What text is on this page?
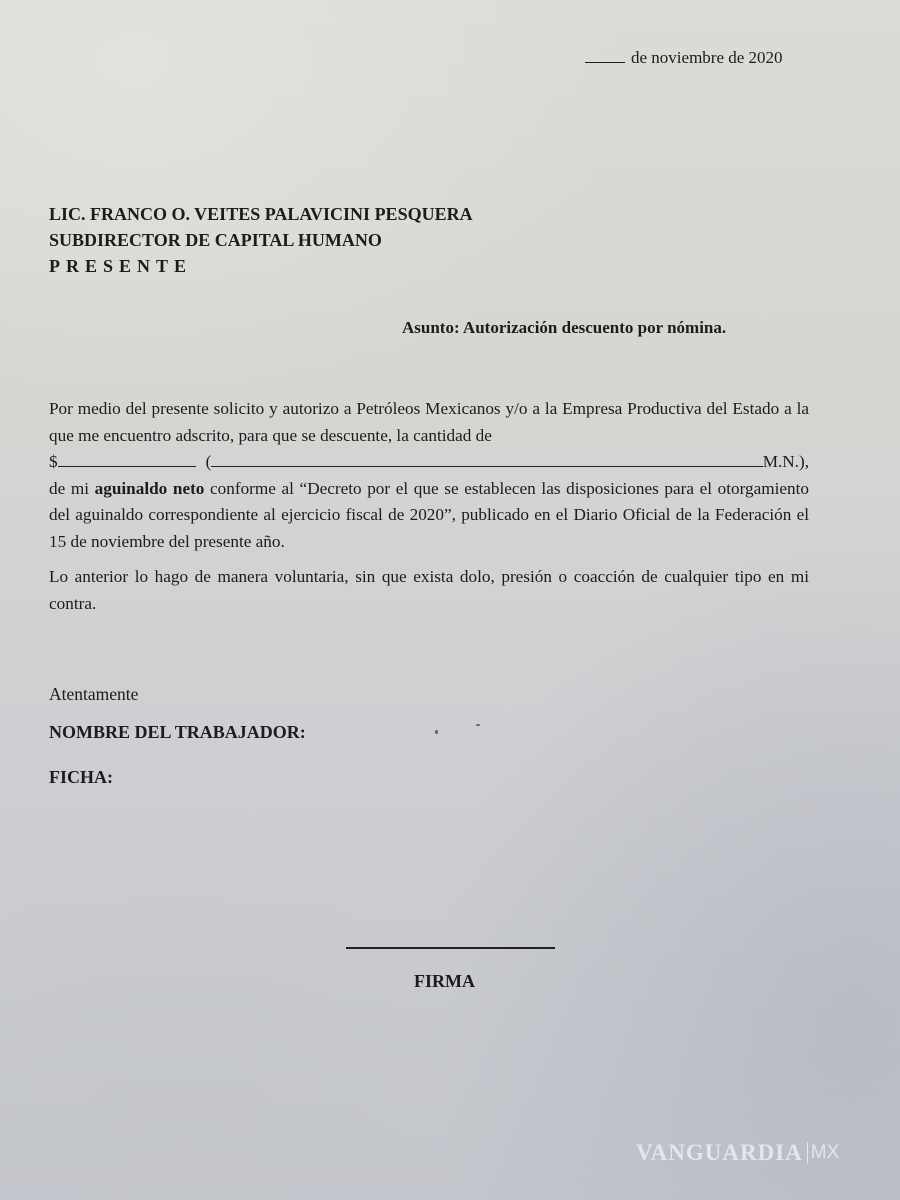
de noviembre de 2020
LIC. FRANCO O. VEITES PALAVICINI PESQUERA
SUBDIRECTOR DE CAPITAL HUMANO
PRESENTE
Asunto: Autorización descuento por nómina.
Por medio del presente solicito y autorizo a Petróleos Mexicanos y/o a la Empresa Productiva del Estado a la que me encuentro adscrito, para que se descuente, la cantidad de
$	(	M.N.),
de mi aguinaldo neto conforme al “Decreto por el que se establecen las disposiciones para el otorgamiento del aguinaldo correspondiente al ejercicio fiscal de 2020”, publicado en el Diario Oficial de la Federación el 15 de noviembre del presente año.
Lo anterior lo hago de manera voluntaria, sin que exista dolo, presión o coacción de cualquier tipo en mi contra.
Atentamente
NOMBRE DEL TRABAJADOR:
FICHA:
FIRMA
VANGUARDIA MX
